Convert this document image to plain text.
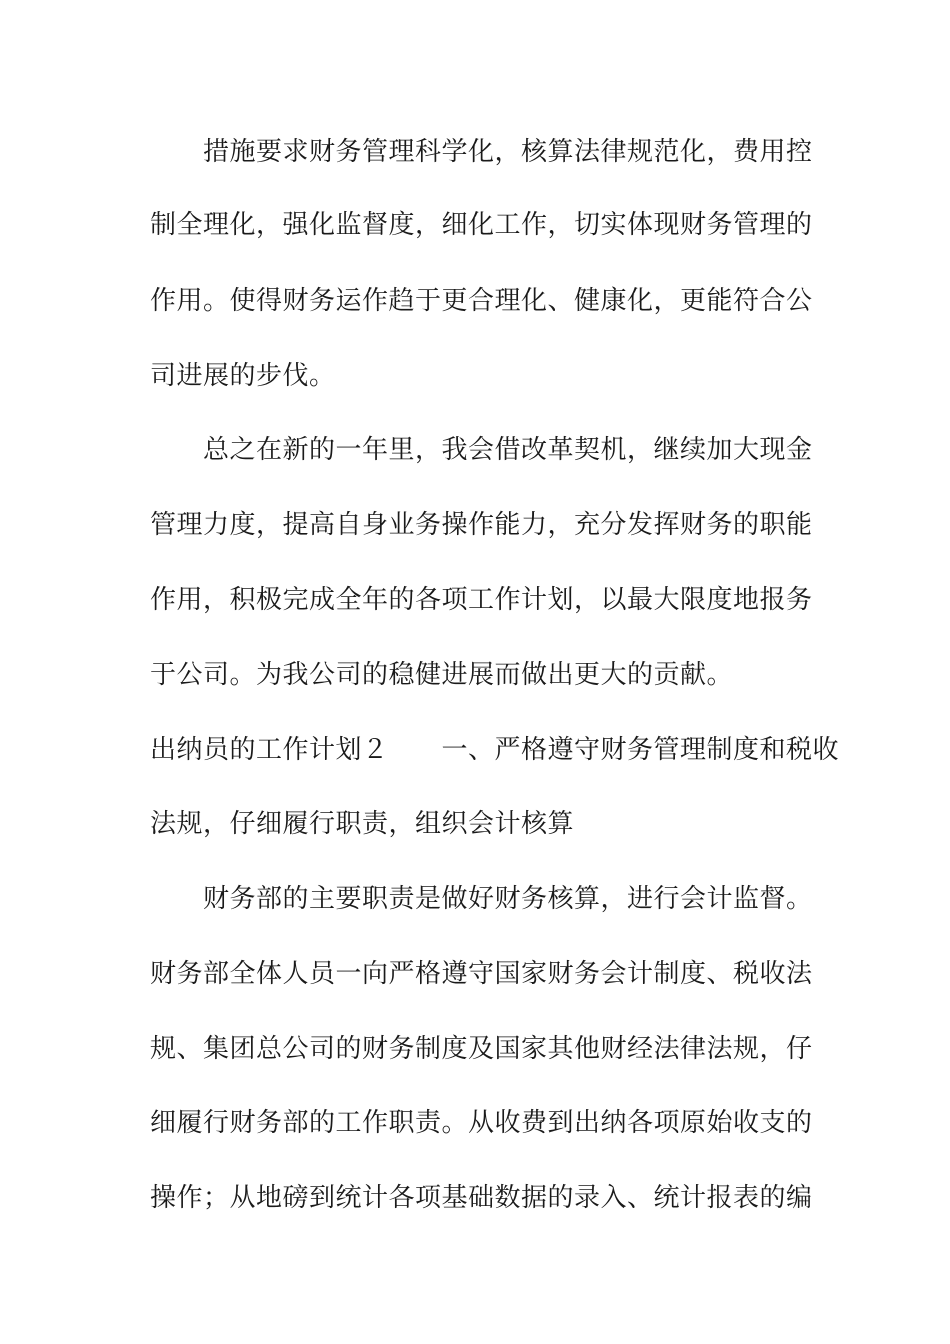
措施要求财务管理科学化，核算法律规范化，费用控
制全理化，强化监督度，细化工作，切实体现财务管理的
作用。使得财务运作趋于更合理化、健康化，更能符合公
司进展的步伐。
总之在新的一年里，我会借改革契机，继续加大现金
管理力度，提高自身业务操作能力，充分发挥财务的职能
作用，积极完成全年的各项工作计划，以最大限度地报务
于公司。为我公司的稳健进展而做出更大的贡献。
出纳员的工作计划２　　一、严格遵守财务管理制度和税收
法规，仔细履行职责，组织会计核算
财务部的主要职责是做好财务核算，进行会计监督。
财务部全体人员一向严格遵守国家财务会计制度、税收法
规、集团总公司的财务制度及国家其他财经法律法规，仔
细履行财务部的工作职责。从收费到出纳各项原始收支的
操作；从地磅到统计各项基础数据的录入、统计报表的编
